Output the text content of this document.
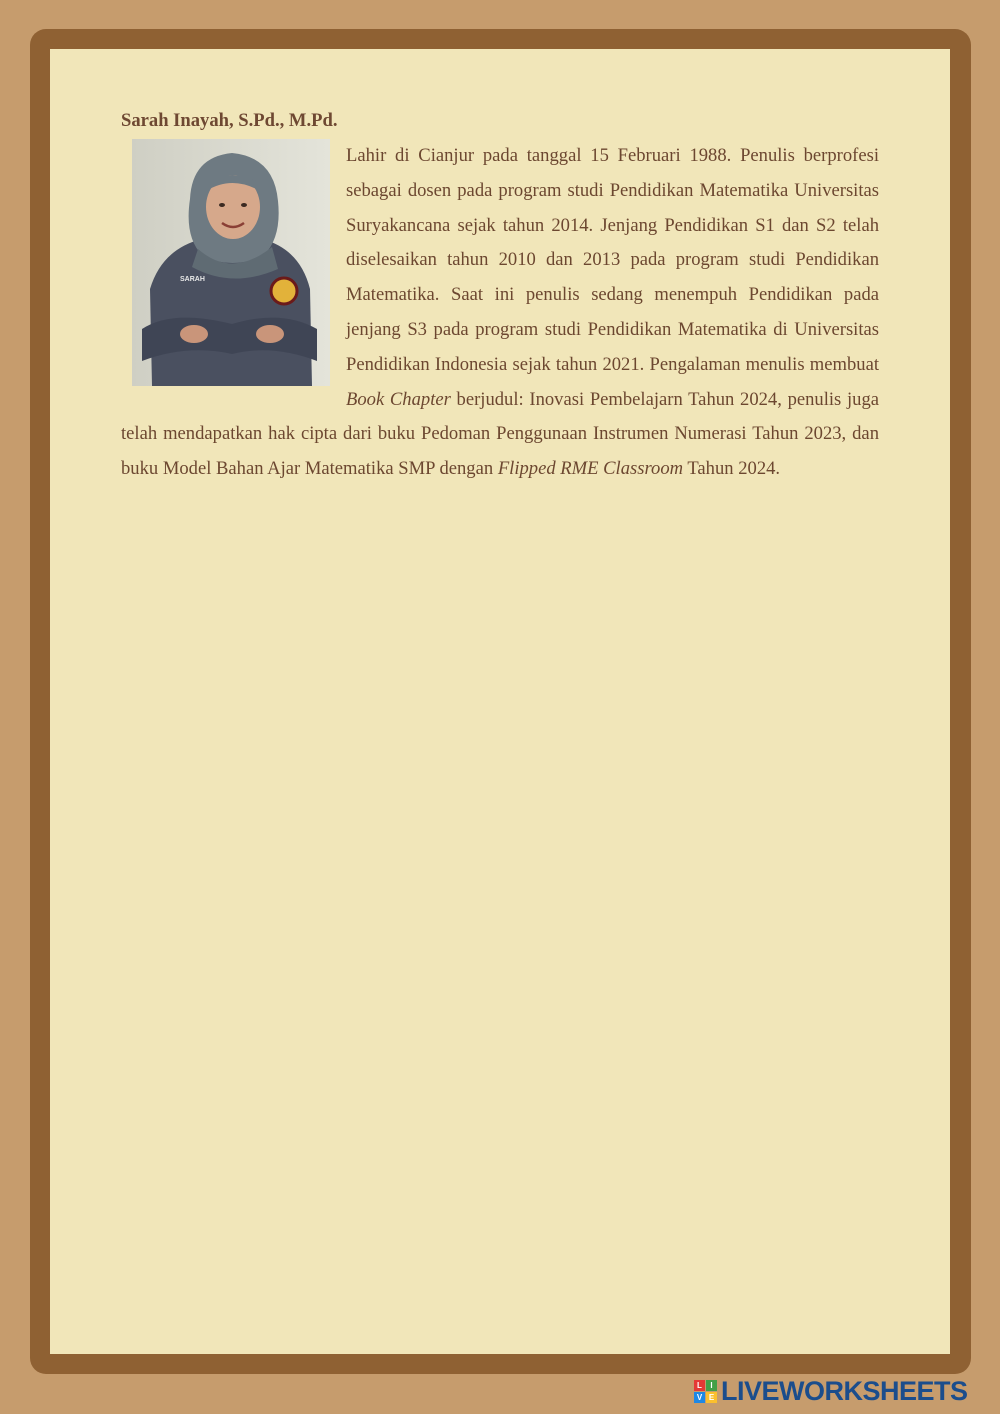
Sarah Inayah, S.Pd., M.Pd.
SARAH

Lahir di Cianjur pada tanggal 15 Februari 1988. Penulis berprofesi sebagai dosen pada program studi Pendidikan Matematika Universitas Suryakancana sejak tahun 2014. Jenjang Pendidikan S1 dan S2 telah diselesaikan tahun 2010 dan 2013 pada program studi Pendidikan Matematika. Saat ini penulis sedang menempuh Pendidikan pada jenjang S3 pada program studi Pendidikan Matematika di Universitas Pendidikan Indonesia sejak tahun 2021. Pengalaman menulis membuat Book Chapter berjudul: Inovasi Pembelajarn Tahun 2024, penulis juga telah mendapatkan hak cipta dari buku Pedoman Penggunaan Instrumen Numerasi Tahun 2023, dan buku Model Bahan Ajar Matematika SMP dengan Flipped RME Classroom Tahun 2024.

L	I
V E LIVEWORKSHEETS
